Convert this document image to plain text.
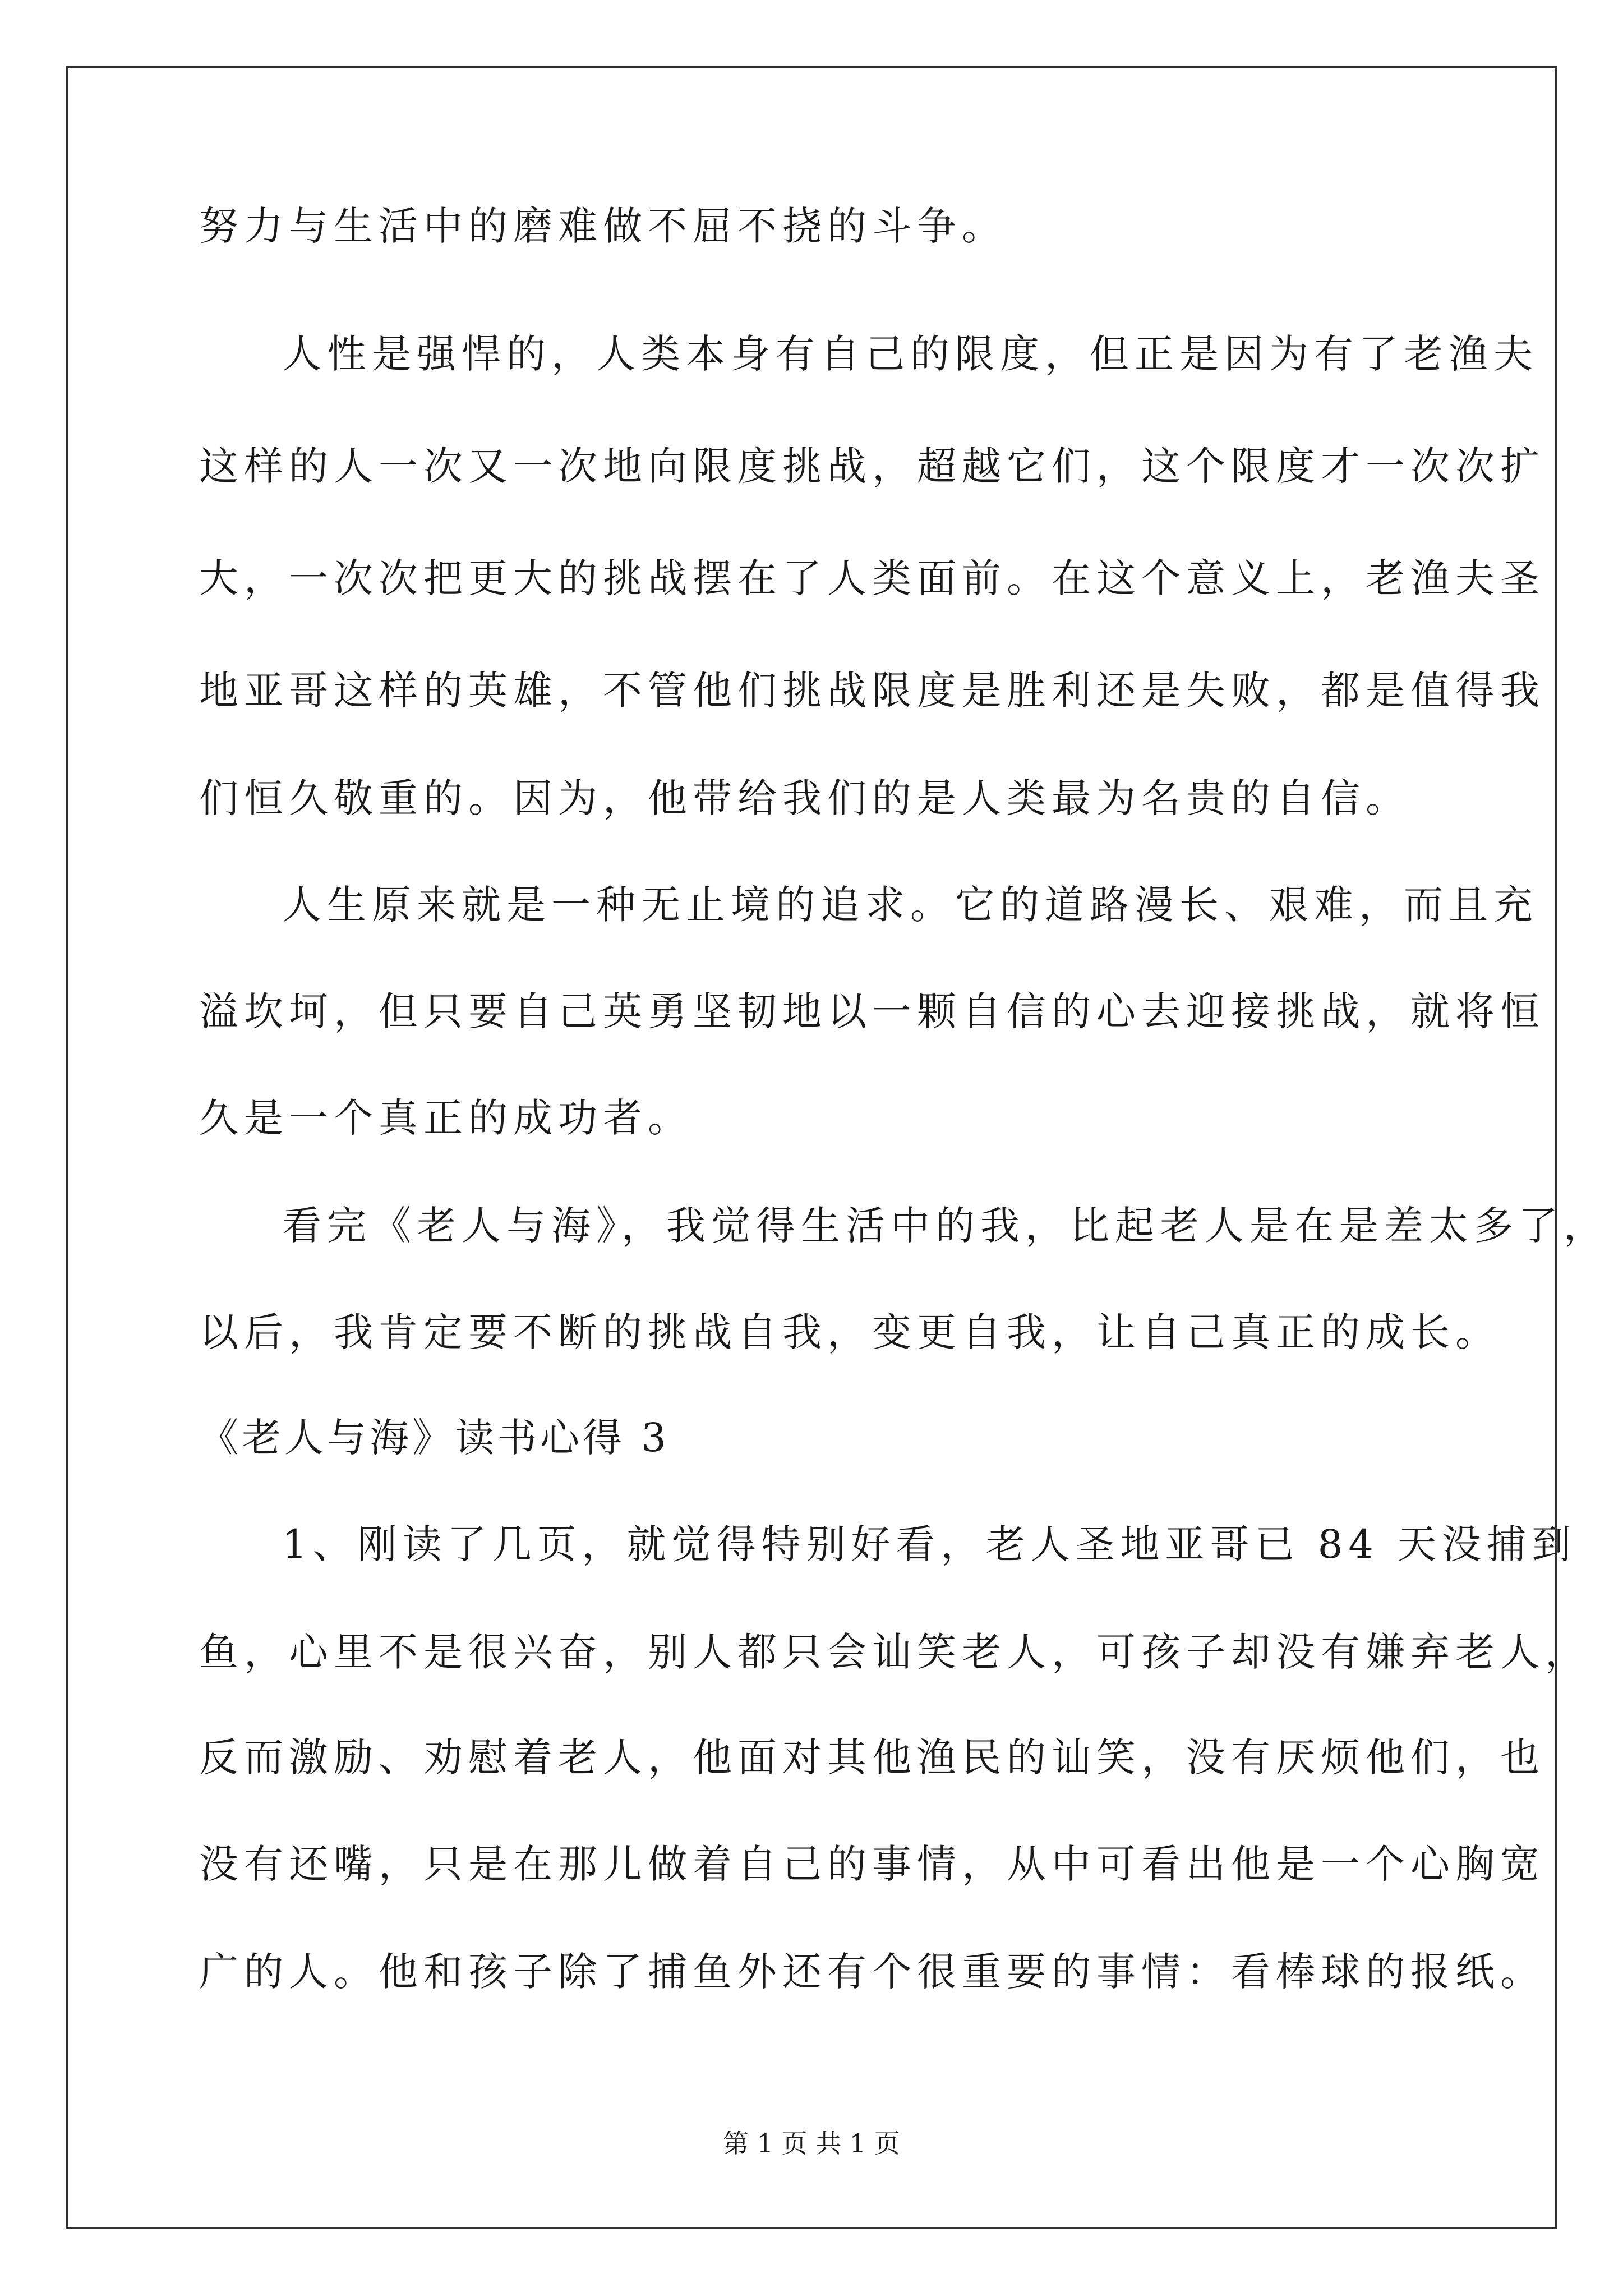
努力与生活中的磨难做不屈不挠的斗争。
人性是强悍的，人类本身有自己的限度，但正是因为有了老渔夫
这样的人一次又一次地向限度挑战，超越它们，这个限度才一次次扩
大，一次次把更大的挑战摆在了人类面前。在这个意义上，老渔夫圣
地亚哥这样的英雄，不管他们挑战限度是胜利还是失败，都是值得我
们恒久敬重的。因为，他带给我们的是人类最为名贵的自信。
人生原来就是一种无止境的追求。它的道路漫长、艰难，而且充
溢坎坷，但只要自己英勇坚韧地以一颗自信的心去迎接挑战，就将恒
久是一个真正的成功者。
看完《老人与海》，我觉得生活中的我，比起老人是在是差太多了，
以后，我肯定要不断的挑战自我，变更自我，让自己真正的成长。
《老人与海》读书心得 3
1、刚读了几页，就觉得特别好看，老人圣地亚哥已 84 天没捕到
鱼，心里不是很兴奋，别人都只会讪笑老人，可孩子却没有嫌弃老人，
反而激励、劝慰着老人，他面对其他渔民的讪笑，没有厌烦他们，也
没有还嘴，只是在那儿做着自己的事情，从中可看出他是一个心胸宽
广的人。他和孩子除了捕鱼外还有个很重要的事情：看棒球的报纸。
第 1 页 共 1 页
